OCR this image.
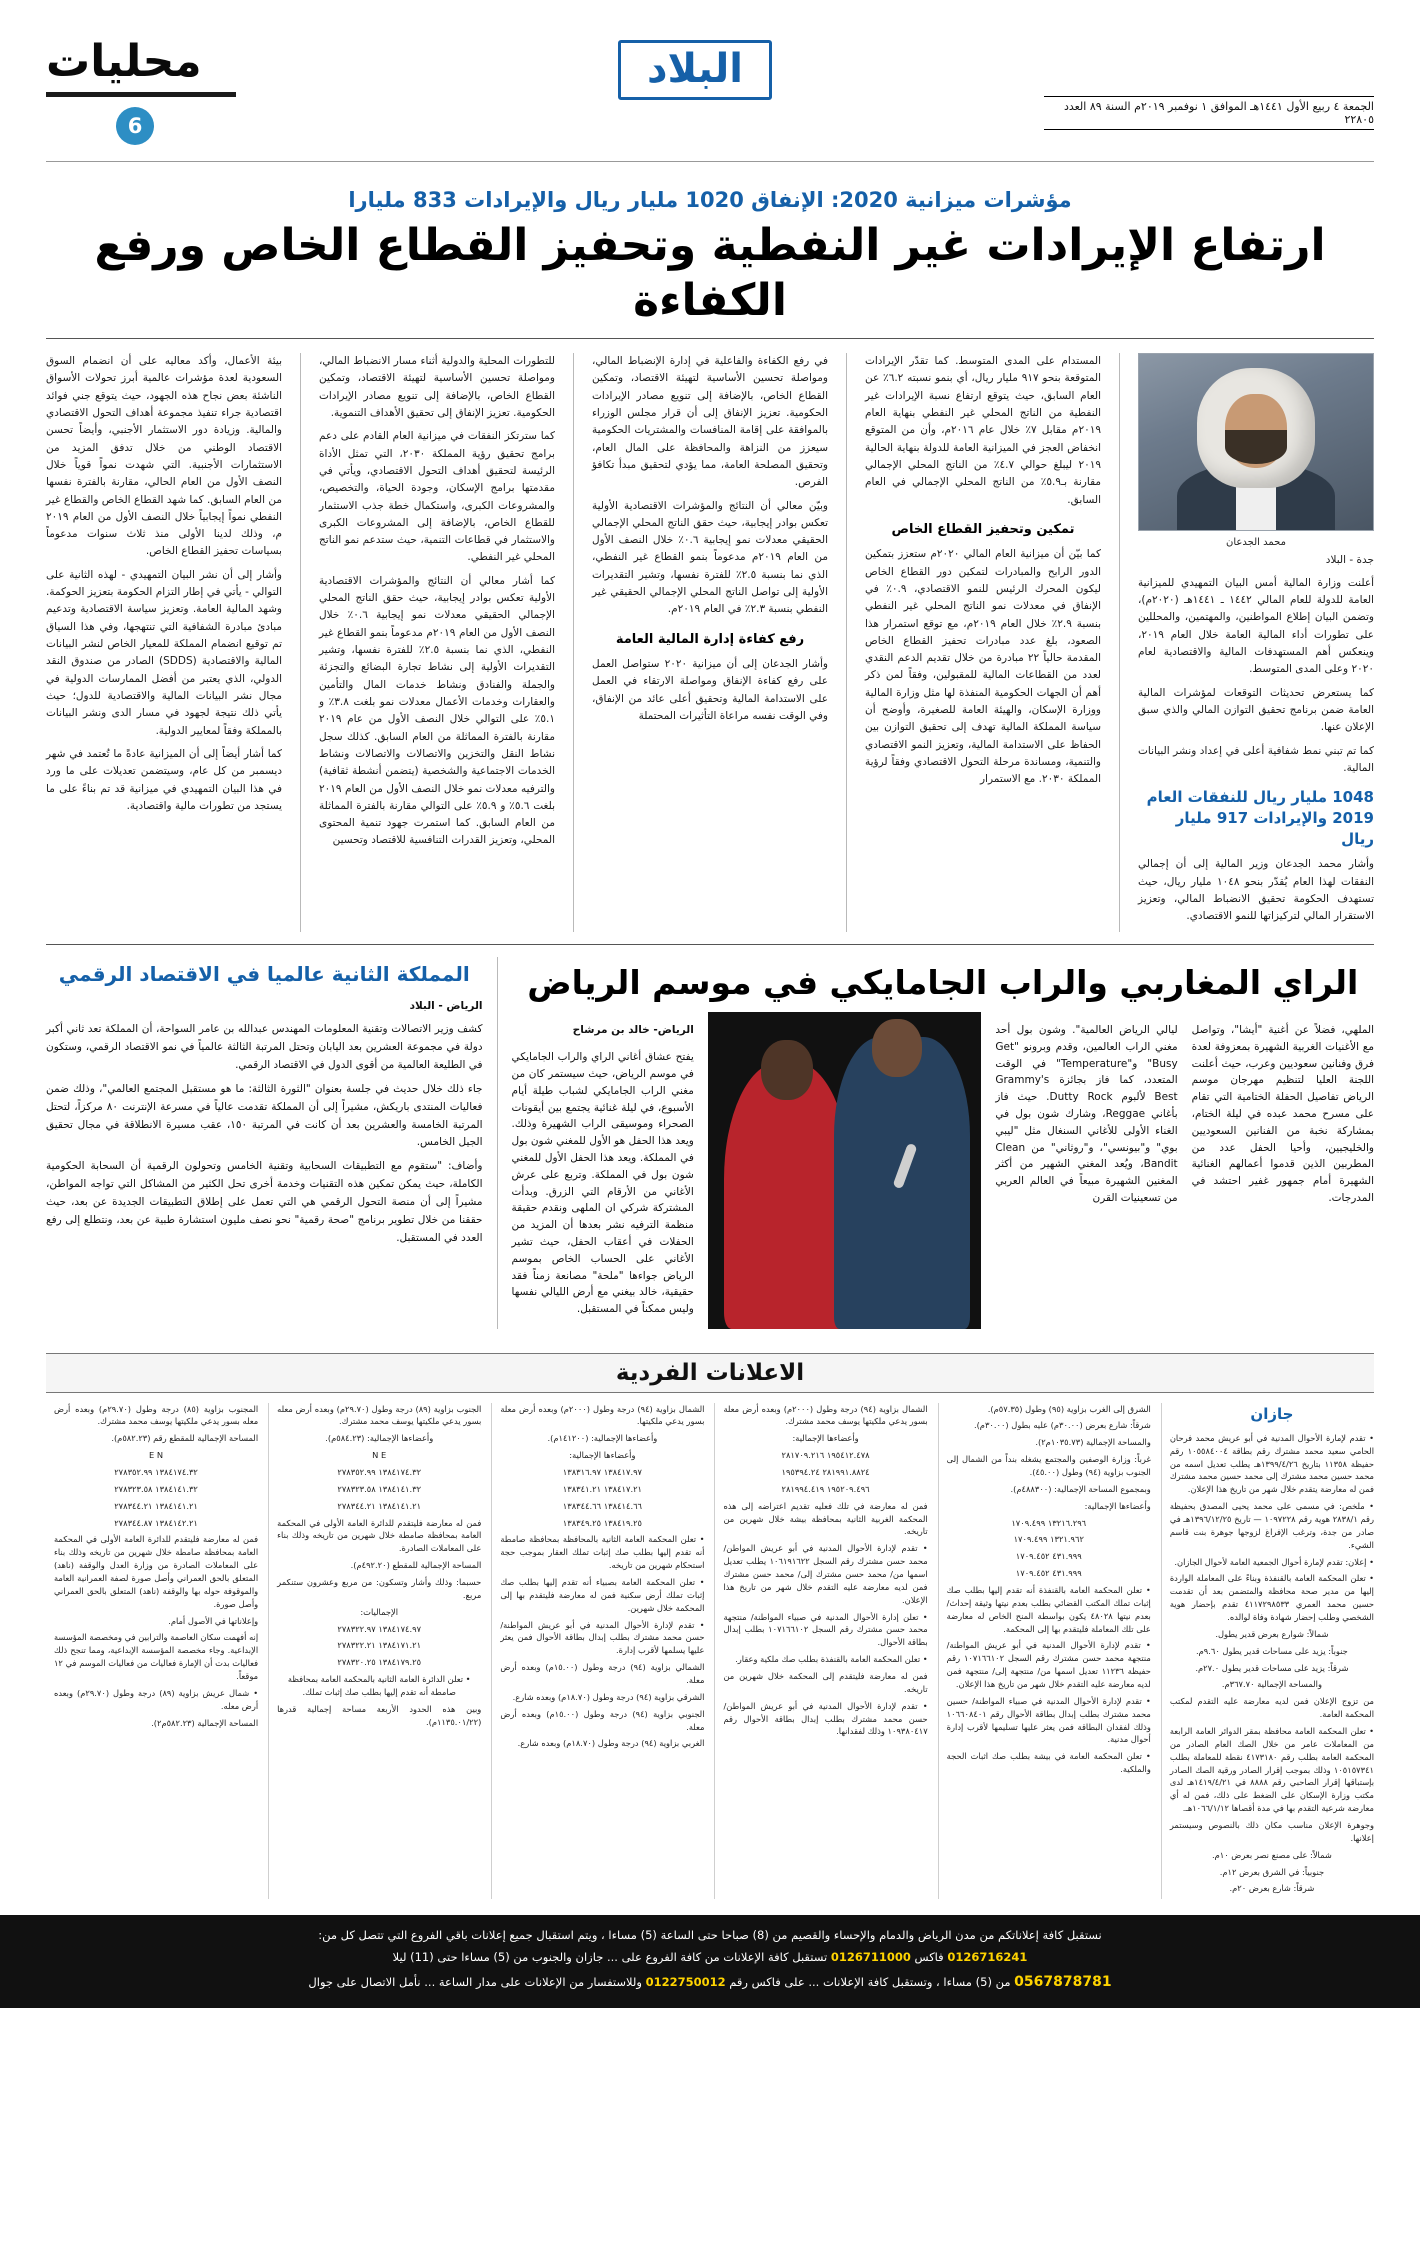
الجمعة ٤ ربيع الأول ١٤٤١هـ الموافق ١ نوفمبر ٢٠١٩م السنة ٨٩ العدد ٢٢٨٠٥
البلاد
محليات
6
مؤشرات ميزانية 2020: الإنفاق 1020 مليار ريال والإيرادات 833 مليارا
ارتفاع الإيرادات غير النفطية وتحفيز القطاع الخاص ورفع الكفاءة
محمد الجدعان

جدة - البلاد

أعلنت وزارة المالية أمس البيان التمهيدي للميزانية العامة للدولة للعام المالي ١٤٤٢ ـ ١٤٤١هـ (٢٠٢٠م)، وتضمن البيان إطلاع المواطنين، والمهتمين، والمحللين على تطورات أداء المالية العامة خلال العام ٢٠١٩، وينعكس أهم المستهدفات المالية والاقتصادية لعام ٢٠٢٠ وعلى المدى المتوسط.

كما يستعرض تحديثات التوقعات لمؤشرات المالية العامة ضمن برنامج تحقيق التوازن المالي والذي سبق الإعلان عنها.

كما تم تبني نمط شفافية أعلى في إعداد ونشر البيانات المالية.

1048 مليار ريال للنفقات العام 2019 والإيرادات 917 مليار ريال

وأشار محمد الجدعان وزير المالية إلى أن إجمالي النفقات لهذا العام يُقدّر بنحو ١٠٤٨ مليار ريال، حيث تستهدف الحكومة تحقيق الانضباط المالي، وتعزيز الاستقرار المالي لتركيزاتها للنمو الاقتصادي.

المستدام على المدى المتوسط. كما تقدّر الإيرادات المتوقعة بنحو ٩١٧ مليار ريال، أي بنمو نسبته ٦.٢٪ عن العام السابق، حيث يتوقع ارتفاع نسبة الإيرادات غير النفطية من الناتج المحلي غير النفطي بنهاية العام ٢٠١٩م مقابل ٧٪ خلال عام ٢٠١٦م، وأن من المتوقع انخفاض العجز في الميزانية العامة للدولة بنهاية الحالية ٢٠١٩ ليبلغ حوالي ٤.٧٪ من الناتج المحلي الإجمالي مقارنة بـ٥.٩٪ من الناتج المحلي الإجمالي في العام السابق.

تمكين وتحفيز القطاع الخاص

كما بيّن أن ميزانية العام المالي ٢٠٢٠م ستعزز بتمكين الدور الرابح والمبادرات لتمكين دور القطاع الخاص ليكون المحرك الرئيس للنمو الاقتصادي، ٠.٩٪ في الإنفاق في معدلات نمو الناتج المحلي غير النفطي بنسبة ٢.٩٪ خلال العام ٢٠١٩م، مع توقع استمرار هذا الصعود، بلغ عدد مبادرات تحفيز القطاع الخاص المقدمة حالياً ٢٢ مبادرة من خلال تقديم الدعم النقدي لعدد من القطاعات المالية للمقبولين، وفقاً لمن ذكر أهم أن الجهات الحكومية المنفذة لها مثل وزارة المالية ووزارة الإسكان، والهيئة العامة للصغيرة، وأوضح أن سياسة المملكة المالية تهدف إلى تحقيق التوازن بين الحفاظ على الاستدامة المالية، وتعزيز النمو الاقتصادي والتنمية، ومساندة مرحلة التحول الاقتصادي وفقاً لرؤية المملكة ٢٠٣٠. مع الاستمرار

في رفع الكفاءة والفاعلية في إدارة الإنضباط المالي، ومواصلة تحسين الأساسية لتهيئة الاقتصاد، وتمكين القطاع الخاص، بالإضافة إلى تنويع مصادر الإيرادات الحكومية. تعزيز الإنفاق إلى أن قرار مجلس الوزراء بالموافقة على إقامة المنافسات والمشتريات الحكومية سيعزز من النزاهة والمحافظة على المال العام، وتحقيق المصلحة العامة، مما يؤدي لتحقيق مبدأ تكافؤ الفرص.

وبيّن معالي أن النتائج والمؤشرات الاقتصادية الأولية تعكس بوادر إيجابية، حيث حقق الناتج المحلي الإجمالي الحقيقي معدلات نمو إيجابية ٠.٦٪ خلال النصف الأول من العام ٢٠١٩م مدعوماً بنمو القطاع غير النفطي، الذي نما بنسبة ٢.٥٪ للفترة نفسها، وتشير التقديرات الأولية إلى تواصل الناتج المحلي الإجمالي الحقيقي غير النفطي بنسبة ٢.٣٪ في العام ٢٠١٩م.

رفع كفاءة إدارة المالية العامة

وأشار الجدعان إلى أن ميزانية ٢٠٢٠ ستواصل العمل على رفع كفاءة الإنفاق ومواصلة الارتقاء في العمل على الاستدامة المالية وتحقيق أعلى عائد من الإنفاق، وفي الوقت نفسه مراعاة التأثيرات المحتملة

للتطورات المحلية والدولية أثناء مسار الانضباط المالي، ومواصلة تحسين الأساسية لتهيئة الاقتصاد، وتمكين القطاع الخاص، بالإضافة إلى تنويع مصادر الإيرادات الحكومية. تعزيز الإنفاق إلى تحقيق الأهداف التنموية.

كما سترتكز النفقات في ميزانية العام القادم على دعم برامج تحقيق رؤية المملكة ٢٠٣٠، التي تمثل الأداة الرئيسة لتحقيق أهداف التحول الاقتصادي، ويأتي في مقدمتها برامج الإسكان، وجودة الحياة، والتخصيص، والمشروعات الكبرى، واستكمال خطة جذب الاستثمار للقطاع الخاص، بالإضافة إلى المشروعات الكبرى والاستثمار في قطاعات التنمية، حيث ستدعم نمو الناتج المحلي غير النفطي.

كما أشار معالي أن النتائج والمؤشرات الاقتصادية الأولية تعكس بوادر إيجابية، حيث حقق الناتج المحلي الإجمالي الحقيقي معدلات نمو إيجابية ٠.٦٪ خلال النصف الأول من العام ٢٠١٩م مدعوماً بنمو القطاع غير النفطي، الذي نما بنسبة ٢.٥٪ للفترة نفسها، وتشير التقديرات الأولية إلى نشاط تجارة البضائع والتجزئة والجملة والفنادق ونشاط خدمات المال والتأمين والعقارات وخدمات الأعمال معدلات نمو بلغت ٣.٨٪ و ٥.١٪ على التوالي خلال النصف الأول من عام ٢٠١٩ مقارنة بالفترة المماثلة من العام السابق. كذلك سجل نشاط النقل والتخزين والاتصالات والاتصالات ونشاط الخدمات الاجتماعية والشخصية (يتضمن أنشطة ثقافية) والترفيه معدلات نمو خلال النصف الأول من العام ٢٠١٩ بلغت ٥.٦٪ و ٥.٩٪ على التوالي مقارنة بالفترة المماثلة من العام السابق. كما استمرت جهود تنمية المحتوى المحلي، وتعزيز القدرات التنافسية للاقتصاد وتحسين

بيئة الأعمال، وأكد معاليه على أن انضمام السوق السعودية لعدة مؤشرات عالمية أبرز تحولات الأسواق الناشئة بعض نجاح هذه الجهود، حيث يتوقع جني فوائد اقتصادية جراء تنفيذ مجموعة أهداف التحول الاقتصادي والمالية. وزيادة دور الاستثمار الأجنبي، وأيضاً تحسن الاقتصاد الوطني من خلال تدفق المزيد من الاستثمارات الأجنبية. التي شهدت نمواً قوياً خلال النصف الأول من العام الحالي، مقارنة بالفترة نفسها من العام السابق. كما شهد القطاع الخاص والقطاع غير النفطي نمواً إيجابياً خلال النصف الأول من العام ٢٠١٩ م، وذلك لدينا الأولى منذ ثلاث سنوات مدعوماً بسياسات تحفيز القطاع الخاص.

وأشار إلى أن نشر البيان التمهيدي - لهذه الثانية على التوالي - يأتي في إطار التزام الحكومة بتعزيز الحوكمة. وشهد المالية العامة. وتعزيز سياسة الاقتصادية وتدعيم مبادئ مبادرة الشفافية التي تنتهجها، وفي هذا السياق تم توقيع انضمام المملكة للمعيار الخاص لنشر البيانات المالية والاقتصادية (SDDS) الصادر من صندوق النقد الدولي، الذي يعتبر من أفضل الممارسات الدولية في مجال نشر البيانات المالية والاقتصادية للدول؛ حيث يأتي ذلك نتيجة لجهود في مسار الدى ونشر البيانات بالمملكة وفقاً لمعايير الدولية.

كما أشار أيضاً إلى أن الميزانية عادةً ما تُعتمد في شهر ديسمبر من كل عام، وسيتضمن تعديلات على ما ورد في هذا البيان التمهيدي في ميزانية قد تم بناءً على ما يستجد من تطورات مالية واقتصادية.

الراي المغاربي والراب الجامايكي في موسم الرياض

الملهي، فضلاً عن أغنية "أيشا"، وتواصل مع الأغنيات الغربية الشهيرة بمعزوفة لعدة فرق وفنانين سعوديين وعرب، حيث أعلنت اللجنة العليا لتنظيم مهرجان موسم الرياض تفاصيل الحفلة الختامية التي تقام على مسرح محمد عبده في ليلة الختام، بمشاركة نخبة من الفنانين السعوديين والخليجيين، وأحيا الحفل عدد من المطربين الذين قدموا أعمالهم الغنائية الشهيرة أمام جمهور غفير احتشد في المدرجات.

ليالي الرياض العالمية". وشون بول أحد مغني الراب العالمين، وقدم وبرونو "Get Busy" و"Temperature" في الوقت المتعدد، كما فاز بجائزة Grammy's Best لألبوم Dutty Rock. حيث فاز بأغاني Reggae، وشارك شون بول في الغناء الأولى للأغاني السنغال مثل "ليبي بوي" و"بيونسي"، و"روثاني" من Clean Bandit، ويُعد المغني الشهير من أكثر المغنين الشهيرة مبيعاً في العالم العربي من تسعينيات القرن

الرياض- خالد بن مرشاح

يفتح عشاق أغاني الراي والراب الجامايكي في موسم الرياض، حيث سيستمر كان من مغني الراب الجامايكي لشباب طيلة أيام الأسبوع، في ليلة غنائية يجتمع بين أيقونات الصحراء وموسيقى الراب الشهيرة وذلك. ويعد هذا الحفل هو الأول للمغني شون بول في المملكة. ويعد هذا الحفل الأول للمغني شون بول في المملكة. وتربع على عرش الأغاني من الأرقام التي الزرق. وبدأت المشتركة شركي ان الملهى ونقدم حقيقة منظمة الترفيه نشر بعدها أن المزيد من الحفلات في أعقاب الحفل، حيث تشير الأغاني على الحساب الخاص بموسم الرياض جواءها "ملحة" مصانعة زمناً فقد حقيقية، خالد بيغني مع أرض الليالي نفسها وليس ممكناً في المستقبل.

المملكة الثانية عالميا في الاقتصاد الرقمي

الرياض - البلاد

كشف وزير الاتصالات وتقنية المعلومات المهندس عبدالله بن عامر السواحة، أن المملكة تعد ثاني أكبر دولة في مجموعة العشرين بعد اليابان وتحتل المرتبة الثالثة عالمياً في نمو الاقتصاد الرقمي، وستكون في الطليعة العالمية من أقوى الدول في الاقتصاد الرقمي.

جاء ذلك خلال حديث في جلسة بعنوان "الثورة الثالثة: ما هو مستقبل المجتمع العالمي"، وذلك ضمن فعاليات المنتدى باريكش، مشيراً إلى أن المملكة تقدمت عالياً في مسرعة الإنترنت ٨٠ مركزاً، لتحتل المرتبة الخامسة والعشرين بعد أن كانت في المرتبة ١٥٠، عقب مسيرة الانطلاقة في مجال تحقيق الجيل الخامس.

وأضاف: "ستقوم مع التطبيقات السحابية وتقنية الخامس وتحولون الرقمية أن السحابة الحكومية الكاملة، حيث يمكن تمكين هذه التقنيات وخدمة أخرى تحل الكثير من المشاكل التي تواجه المواطن، مشيراً إلى أن منصة التحول الرقمي هي التي تعمل على إطلاق التطبيقات الجديدة عن بعد، حيث حققنا من خلال تطوير برنامج "صحة رقمية" نحو نصف مليون استشارة طبية عن بعد، ونتطلع إلى رفع العدد في المستقبل.

الاعلانات الفردية
جازان

• تقدم لإمارة الأحوال المدنية في أبو عريش محمد فرحان الحامي سعيد محمد مشترك رقم بطاقة ١٠٥٥٨٤٠٠٤ رقم حفيظة ١١٣٥٨ بتاريخ ١٣٩٩/٤/٢٦هـ يطلب تعديل اسمه من محمد حسين محمد مشترك إلى محمد حسين محمد مشترك فمن له معارضة يتقدم خلال شهر من تاريخ هذا الإعلان.

• ملخص: في مسمى على محمد يحيى المصدق بحفيظة رقم ٢٨٣٨/١ هوية رقم ١٠٩٧٢٢٨ — تاريخ ١٣٩٦/١٢/٢٥هـ في صادر من جدة، وترغب الإفراغ لزوجها جوهرة بنت قاسم الشيء.

• إعلان: تقدم لإمارة أحوال الجمعية العامة لأحوال الجازان.

• تعلن المحكمة العامة بالقنفذة وبناءً على المعاملة الواردة إليها من مدير صحة محافظة والمتضمن بعد أن تقدمت حسين محمد العمري ٤١١٧٢٩٨٥٣٣ تقدم بإحضار هوية الشخصي وطلب إحضار شهادة وفاة لوالده.

شمالاً: شوارع بعرض قدير يطول.

جنوباً: يزيد على مساحات قدير يطول ٩.٦٠م.

شرقاً: يزيد على مساحات قدير يطول ٢٧.٠م.

والمساحة الإجمالية ٣٦٧.٧٠م.

من تزوج الإعلان فمن لديه معارضة عليه التقدم لمكتب المحكمة العامة.

• تعلن المحكمة العامة محافظة بمقر الدوائر العامة الرابعة من المعاملات عامر من خلال الصك العام الصادر من المحكمة العامة بطلب رقم ٤١٧٣١٨٠ نقطة للمعاملة بطلب ١٠٥١٥٧٣٤١ وذلك بموجب إقرار الصادر ورقية الصك الصادر بإستباقها إقرار الصاحبي رقم ٨٨٨٨ في ١٤١٩/٤/٢١هـ لدى مكتب وزارة الإسكان على الضغط على ذلك، فمن له أي معارضة شرعية التقدم بها في مدة أقصاها ١٠٦٦/١/١٢هـ.

وجوهرة الإعلان مناسب مكان ذلك بالنصوص وسيستمر إعلانها.

شمالاً: على مصنع نصر بعرض ١٠م.

جنوبياً: في الشرق بعرض ١٢م.

شرقاً: شارع بعرض ٢٠م.

الشرق إلى الغرب بزاوية (٩٥) وطول (٥٧.٣٥م).

شرقاً: شارع بعرض (٣٠.٠٠م) عليه بطول (٣٠.٠٠م).

والمساحة الإجمالية (١٠٣٥.٧٣م٢).

غرباً: وزارة الوصفين والمجتمع يشغله بنداً من الشمال إلى الجنوب بزاوية (٩٤) وطول (٤٥.٠٠).

وبمجموع المساحة الإجمالية: (٤٨٨٣٠٠م).

وأعضاءها الإجمالية:

١٣٢١٦.٢٩٦ ١٧٠٩.٤٩٩

١٣٢١.٩٦٢ ١٧٠٩.٤٩٩

٤٣١.٩٩٩ ١٧٠٩.٤٥٢

٤٣١.٩٩٩ ١٧٠٩.٤٥٢

• تعلن المحكمة العامة بالقنفذة أنه تقدم إليها بطلب صك إثبات تملك المكتب القضائي بطلب بعدم نيتها وثيقة إحداث/ بعدم نيتها ٤٨٠٢٨ يكون بواسطة المنح الخاص له معارضة على تلك المعاملة فليتقدم بها إلى المحكمة.

• تقدم لإدارة الأحوال المدنية في أبو عريش المواطنة/ منتجهة محمد حسن مشترك رقم السجل ١٠٧١٦٦١٠٢ رقم حفيظة ١١٢٣٦ تعديل اسمها من/ منتجهة إلى/ منتجهة فمن لديه معارضة عليه التقدم خلال شهر من تاريخ هذا الإعلان.

• تقدم لإدارة الأحوال المدنية في صبياء المواطنة/ حسين محمد مشترك بطلب إبدال بطاقة الأحوال رقم ١٠٦٦٠٨٤٠١ وذلك لفقدان البطاقة فمن يعثر عليها تسليمها لأقرب إدارة أحوال مدنية.

• تعلن المحكمة العامة في بيشة بطلب صك اثبات الحجة والملكية.

الشمال بزاوية (٩٤) درجة وطول (٢٠٠٠م) وبعده أرض معلة بسور يدعي ملكيتها يوسف محمد مشترك.

وأعضاءها الإجمالية:

١٩٥٤١٢.٤٧٨ ٢٨١٧٠٩.٢١٦

٢٨١٩٩١.٨٨٢٤ ١٩٥٣٩٤.٢٤

١٩٥٢٠٩.٤٩٦ ٢٨١٩٩٤.٤١٩

فمن له معارضة في تلك فعليه تقديم اعتراضه إلى هذه المحكمة الغربية الثانية بمحافظة بيشة خلال شهرين من تاريخه.

• تقدم لإدارة الأحوال المدنية في أبو عريش المواطن/ محمد حسن مشترك رقم السجل ١٠٦١٩١٦٢٢ يطلب تعديل اسمها من/ محمد حسن مشترك إلى/ محمد حسن مشترك فمن لديه معارضة عليه التقدم خلال شهر من تاريخ هذا الإعلان.

• تعلن إدارة الأحوال المدنية في صبياء المواطنة/ منتجهة محمد حسن مشترك رقم السجل ١٠٧١٦٦١٠٢ بطلب إبدال بطاقة الأحوال.

• تعلن المحكمة العامة بالقنفذة بطلب صك ملكية وعقار.

فمن له معارضة فليتقدم إلى المحكمة خلال شهرين من تاريخه.

• تقدم لإدارة الأحوال المدنية في أبو عريش المواطن/ حسن محمد مشترك بطلب إبدال بطاقة الأحوال رقم ١٠٩٣٨٠٤١٧ وذلك لفقدانها.

الشمال بزاوية (٩٤) درجة وطول (٢٠٠٠م) وبعده أرض معلة بسور يدعي ملكيتها.

وأعضاءها الإجمالية: (١٤١٢٠٠م).

وأعضاءها الإجمالية:

١٣٨٤١٧.٩٧ ١٣٨٣١٦.٩٧

١٣٨٤١٧.٢١ ١٣٨٣٤١.٢١

١٣٨٤١٤.٦٦ ١٣٨٣٤٤.٦٦

١٣٨٤١٩.٢٥ ١٣٨٣٤٩.٢٥

• تعلن المحكمة العامة الثانية بالمحافظة بمحافظة صامطة أنه تقدم إليها بطلب صك إثبات تملك العقار بموجب حجة استحكام شهرين من تاريخه.

• تعلن المحكمة العامة بصبياء أنه تقدم إليها بطلب صك إثبات تملك أرض سكنية فمن له معارضة فليتقدم بها إلى المحكمة خلال شهرين.

• تقدم لإدارة الأحوال المدنية في أبو عريش المواطنة/ حسن محمد مشترك بطلب إبدال بطاقة الأحوال فمن يعثر عليها يسلمها لأقرب إدارة.

الشمالي بزاوية (٩٤) درجة وطول (١٥.٠٠م) وبعده أرض معلة.

الشرقي بزاوية (٩٤) درجة وطول (١٨.٧٠م) وبعده شارع.

الجنوبي بزاوية (٩٤) درجة وطول (١٥.٠٠م) وبعده أرض معلة.

الغربي بزاوية (٩٤) درجة وطول (١٨.٧٠م) وبعده شارع.

الجنوب بزاوية (٨٩) درجة وطول (٢٩.٧٠م) وبعده أرض معله بسور يدعي ملكيتها يوسف محمد مشترك.

وأعضاءها الإجمالية: (٥٨٤.٢٣م).

N E

١٣٨٤١٧٤.٣٢ ٢٧٨٣٥٢.٩٩

١٣٨٤١٤١.٣٢ ٢٧٨٣٢٣.٥٨

١٣٨٤١٤١.٢١ ٢٧٨٣٤٤.٢١

فمن له معارضة فليتقدم للدائرة العامة الأولى في المحكمة العامة بمحافظة صامطة خلال شهرين من تاريخه وذلك بناء على المعاملات الصادرة.

المساحة الإجمالية للمقطع (٤٩٢.٢٠م).

حسبما: وذلك وأشار وتسكون: من مربع وعشرون ستنكمر مربع.

الإجماليات:

١٣٨٤١٧٤.٩٧ ٢٧٨٣٢٢.٩٧

١٣٨٤١٧١.٢١ ٢٧٨٣٢٢.٢١

١٣٨٤١٧٩.٢٥ ٢٧٨٣٢٠.٢٥

• تعلن الدائرة العامة الثانية بالمحكمة العامة بمحافظة صامطة أنه تقدم إليها بطلب صك إثبات تملك.

وبين هذه الحدود الأربعة مساحة إجمالية قدرها (١١٣٥.٠١/٢٢م).

المجنوب بزاوية (٨٥) درجة وطول (٢٩.٧٠م) وبعده أرض معله بسور يدعي ملكيتها يوسف محمد مشترك.

المساحة الإجمالية للمقطع رقم (٥٨٢.٢٣م).

E N

١٣٨٤١٧٤.٣٢ ٢٧٨٣٥٢.٩٩

١٣٨٤١٤١.٣٢ ٢٧٨٣٢٣.٥٨

١٣٨٤١٤١.٢١ ٢٧٨٣٤٤.٢١

١٣٨٤١٤٢.٢١ ٢٧٨٣٤٤.٨٧

فمن له معارضة فليتقدم للدائرة العامة الأولى في المحكمة العامة بمحافظة صامطة خلال شهرين من تاريخه وذلك بناء على المعاملات الصادرة من وزارة العدل والوقفة (ناهد) المتعلق بالحق العمراني وأصل صورة لصفة العمرانية العامة والموقوفة حوله بها والوقفة (ناهد) المتعلق بالحق العمراني وأصل صورة.

وإعلاناتها في الأصول أمام.

إنه أفهمت سكان العاصمة والترابين في ومخصصة المؤسسة الإبداعية. وجاء مخصصة المؤسسة الإبداعية، ومما تنجح ذلك فعاليات بدت أن الإمارة فعاليات من فعاليات الموسم في ١٢ موقعاً.

• شمال عريش بزاوية (٨٩) درجة وطول (٢٩.٧٠م) وبعده أرض معله.

المساحة الإجمالية (٥٨٢.٢٣م٢).

نستقبل كافة إعلاناتكم من مدن الرياض والدمام والإحساء والقصيم من (8) صباحا حتى الساعة (5) مساءا ، ويتم استقبال جميع إعلانات باقي الفروع التي تتصل كل من:
0126716241 فاكس 0126711000 تستقبل كافة الإعلانات من كافة الفروع على ... جازان والجنوب من (5) مساءا حتى (11) ليلا
0567878781 من (5) مساءا ، وتستقبل كافة الإعلانات ... على فاكس رقم 0122750012 وللاستفسار من الإعلانات على مدار الساعة ... نأمل الاتصال على جوال
